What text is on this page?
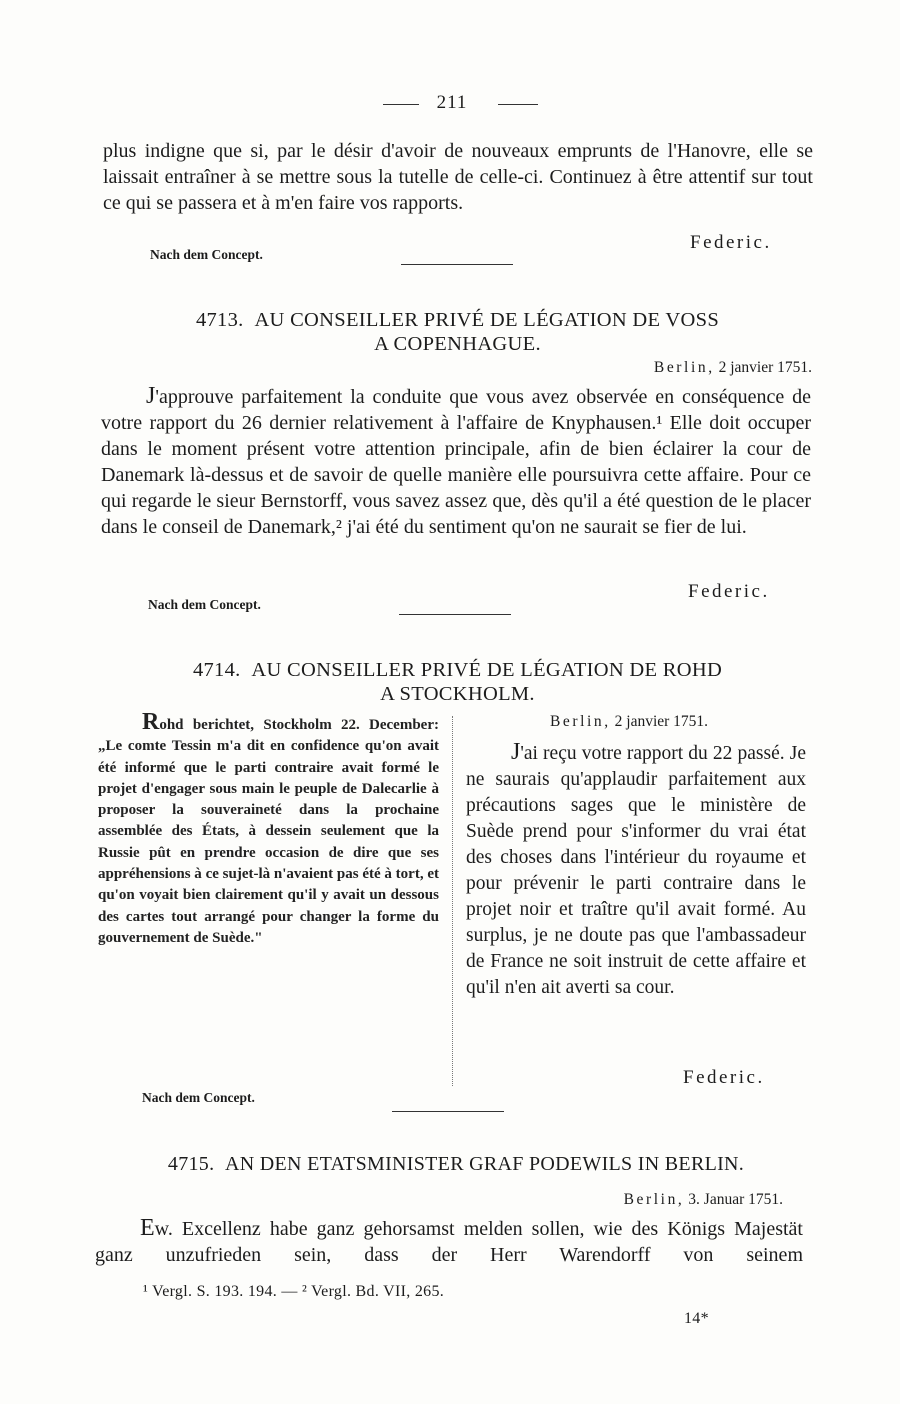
211
plus indigne que si, par le désir d'avoir de nouveaux emprunts de l'Hanovre, elle se laissait entraîner à se mettre sous la tutelle de celle-ci. Continuez à être attentif sur tout ce qui se passera et à m'en faire vos rapports.
Federic.
Nach dem Concept.
4713. AU CONSEILLER PRIVÉ DE LÉGATION DE VOSS
A COPENHAGUE.
Berlin, 2 janvier 1751.
J'approuve parfaitement la conduite que vous avez observée en conséquence de votre rapport du 26 dernier relativement à l'affaire de Knyphausen.¹ Elle doit occuper dans le moment présent votre attention principale, afin de bien éclairer la cour de Danemark là-dessus et de savoir de quelle manière elle poursuivra cette affaire. Pour ce qui regarde le sieur Bernstorff, vous savez assez que, dès qu'il a été question de le placer dans le conseil de Danemark,² j'ai été du sentiment qu'on ne saurait se fier de lui.
Federic.
Nach dem Concept.
4714. AU CONSEILLER PRIVÉ DE LÉGATION DE ROHD
A STOCKHOLM.
Rohd berichtet, Stockholm 22. December: „Le comte Tessin m'a dit en confidence qu'on avait été informé que le parti contraire avait formé le projet d'engager sous main le peuple de Dalecarlie à proposer la souveraineté dans la prochaine assemblée des États, à dessein seulement que la Russie pût en prendre occasion de dire que ses appréhensions à ce sujet-là n'avaient pas été à tort, et qu'on voyait bien clairement qu'il y avait un dessous des cartes tout arrangé pour changer la forme du gouvernement de Suède."
Berlin, 2 janvier 1751.
J'ai reçu votre rapport du 22 passé. Je ne saurais qu'applaudir parfaitement aux précautions sages que le ministère de Suède prend pour s'informer du vrai état des choses dans l'intérieur du royaume et pour prévenir le parti contraire dans le projet noir et traître qu'il avait formé. Au surplus, je ne doute pas que l'ambassadeur de France ne soit instruit de cette affaire et qu'il n'en ait averti sa cour.
Federic.
Nach dem Concept.
4715. AN DEN ETATSMINISTER GRAF PODEWILS IN BERLIN.
Berlin, 3. Januar 1751.
Ew. Excellenz habe ganz gehorsamst melden sollen, wie des Königs Majestät ganz unzufrieden sein, dass der Herr Warendorff von seinem
¹ Vergl. S. 193. 194. — ² Vergl. Bd. VII, 265.
14*
